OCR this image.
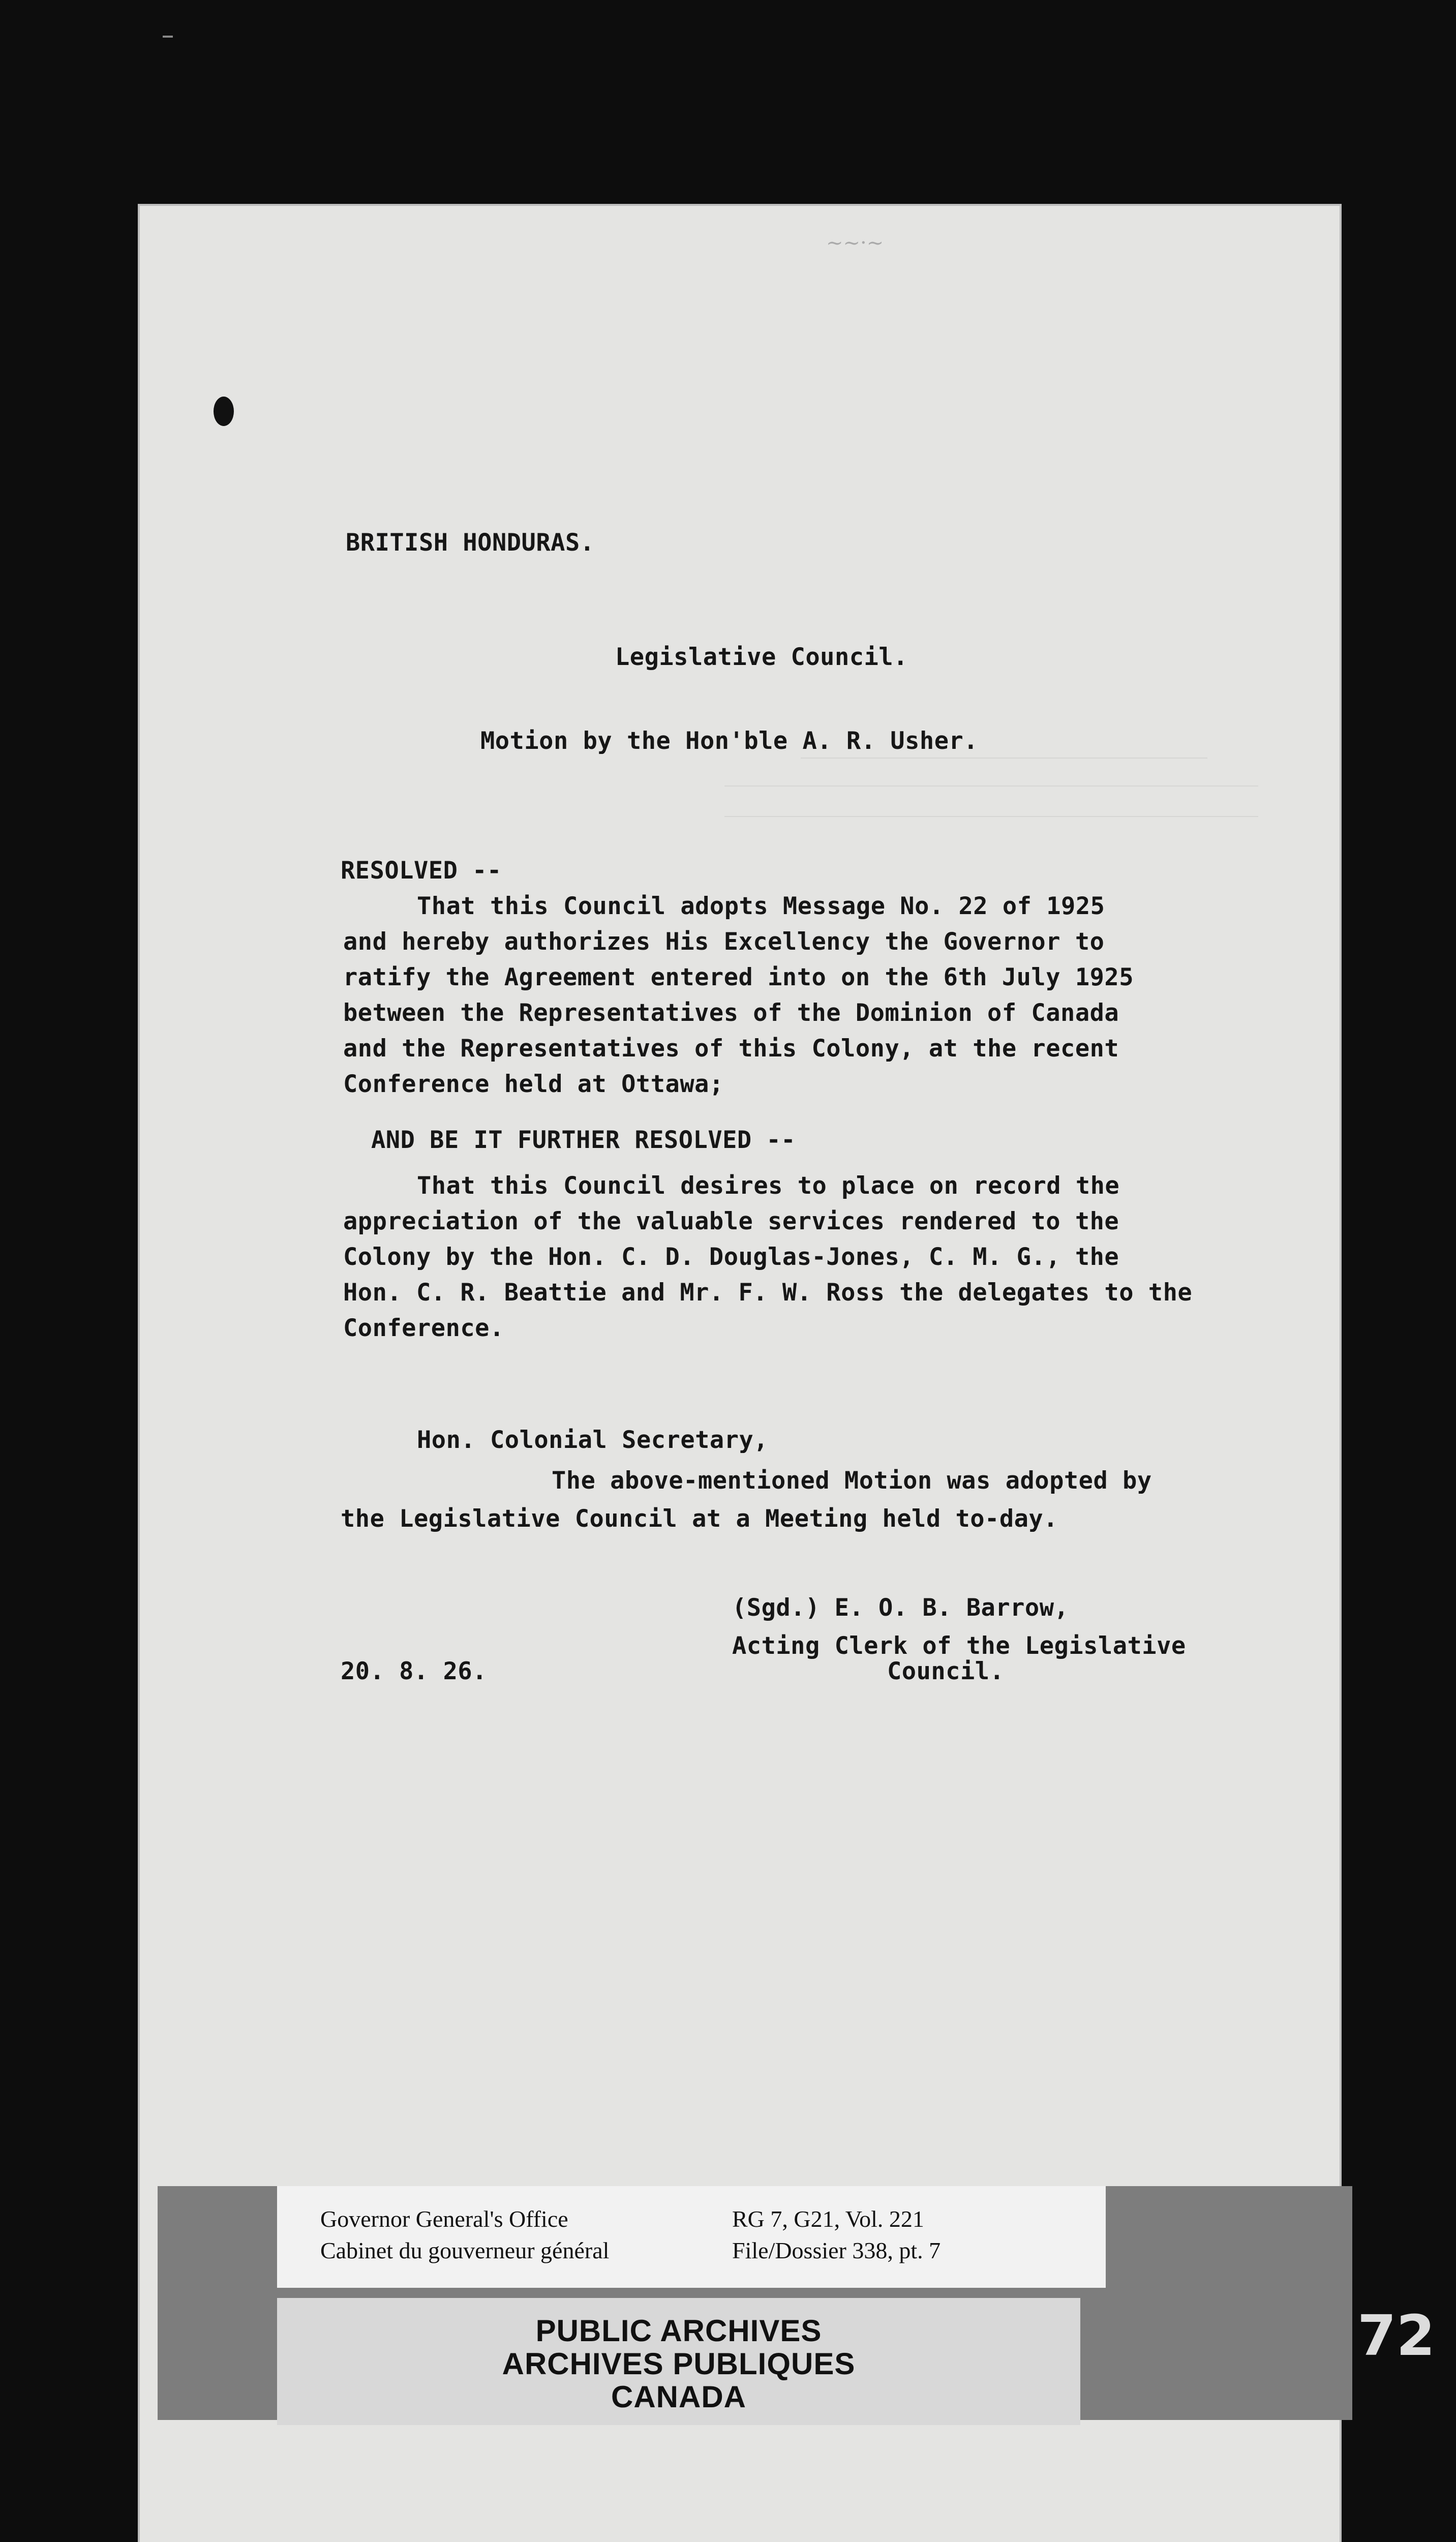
~~·~
BRITISH HONDURAS.
Legislative Council.
Motion by the Hon'ble A. R. Usher.
RESOLVED --
That this Council adopts Message No. 22 of 1925
and hereby authorizes His Excellency the Governor to
ratify the Agreement entered into on the 6th July 1925
between the Representatives of the Dominion of Canada
and the Representatives of this Colony, at the recent
Conference held at Ottawa;
AND BE IT FURTHER RESOLVED --
That this Council desires to place on record the
appreciation of the valuable services rendered to the
Colony by the Hon. C. D. Douglas-Jones, C. M. G., the
Hon. C. R. Beattie and Mr. F. W. Ross the delegates to the
Conference.
Hon. Colonial Secretary,
The above-mentioned Motion was adopted by
the Legislative Council at a Meeting held to-day.
(Sgd.) E. O. B. Barrow,
Acting Clerk of the Legislative
Council.
20. 8. 26.
Governor General's Office
Cabinet du gouverneur général
RG 7, G21, Vol. 221
File/Dossier 338, pt. 7
PUBLIC ARCHIVES
ARCHIVES PUBLIQUES
CANADA
72
